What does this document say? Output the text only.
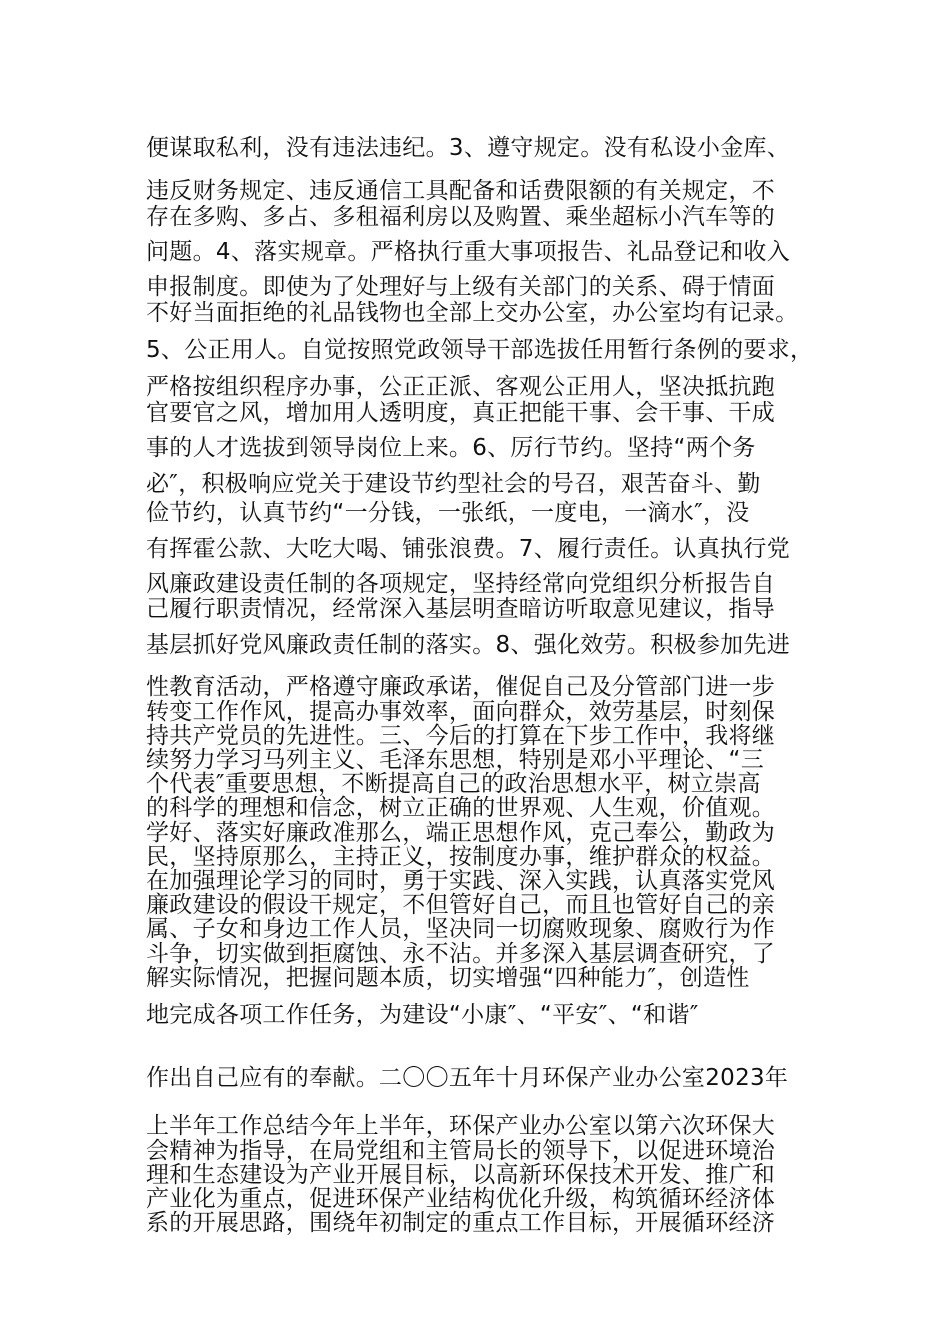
便谋取私利，没有违法违纪。3、遵守规定。没有私设小金库、
违反财务规定、违反通信工具配备和话费限额的有关规定，不
存在多购、多占、多租福利房以及购置、乘坐超标小汽车等的
问题。4、落实规章。严格执行重大事项报告、礼品登记和收入
申报制度。即使为了处理好与上级有关部门的关系、碍于情面
不好当面拒绝的礼品钱物也全部上交办公室，办公室均有记录。
5、公正用人。自觉按照党政领导干部选拔任用暂行条例的要求，
严格按组织程序办事，公正正派、客观公正用人，坚决抵抗跑
官要官之风，增加用人透明度，真正把能干事、会干事、干成
事的人才选拔到领导岗位上来。6、厉行节约。坚持“两个务
必″，积极响应党关于建设节约型社会的号召，艰苦奋斗、勤
俭节约，认真节约“一分钱，一张纸，一度电，一滴水″，没
有挥霍公款、大吃大喝、铺张浪费。7、履行责任。认真执行党
风廉政建设责任制的各项规定，坚持经常向党组织分析报告自
己履行职责情况，经常深入基层明查暗访听取意见建议，指导
基层抓好党风廉政责任制的落实。8、强化效劳。积极参加先进
性教育活动，严格遵守廉政承诺，催促自己及分管部门进一步
转变工作作风，提高办事效率，面向群众，效劳基层，时刻保
持共产党员的先进性。三、今后的打算在下步工作中，我将继
续努力学习马列主义、毛泽东思想，特别是邓小平理论、“三
个代表″重要思想，不断提高自己的政治思想水平，树立崇高
的科学的理想和信念，树立正确的世界观、人生观，价值观。
学好、落实好廉政准那么，端正思想作风，克己奉公，勤政为
民，坚持原那么，主持正义，按制度办事，维护群众的权益。
在加强理论学习的同时，勇于实践、深入实践，认真落实党风
廉政建设的假设干规定，不但管好自己，而且也管好自己的亲
属、子女和身边工作人员，坚决同一切腐败现象、腐败行为作
斗争，切实做到拒腐蚀、永不沾。并多深入基层调查研究，了
解实际情况，把握问题本质，切实增强“四种能力″，创造性
地完成各项工作任务，为建设“小康″、“平安″、“和谐″
作出自己应有的奉献。二〇〇五年十月环保产业办公室2023年
上半年工作总结今年上半年，环保产业办公室以第六次环保大
会精神为指导，在局党组和主管局长的领导下，以促进环境治
理和生态建设为产业开展目标，以高新环保技术开发、推广和
产业化为重点，促进环保产业结构优化升级，构筑循环经济体
系的开展思路，围绕年初制定的重点工作目标，开展循环经济
